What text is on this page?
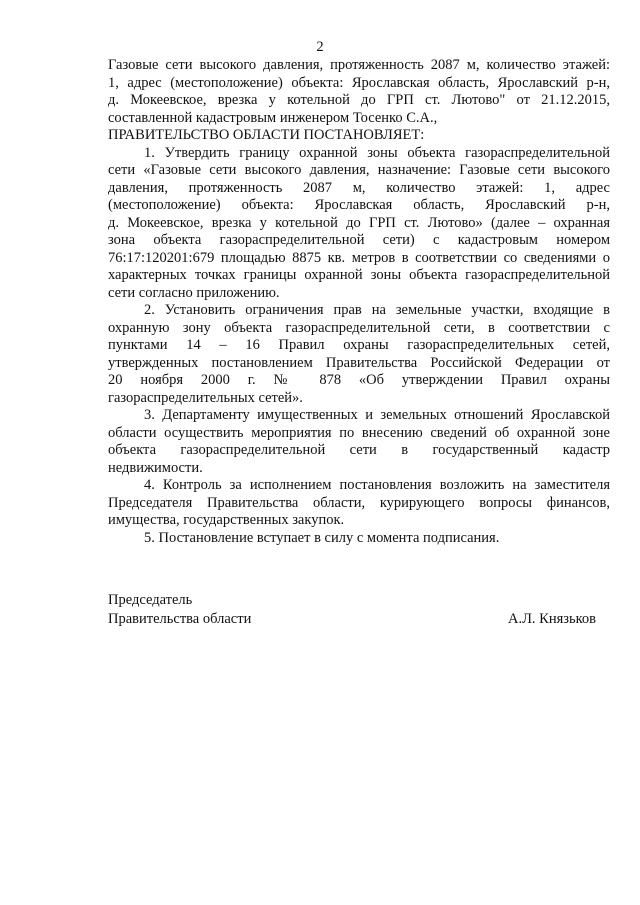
2
Газовые сети высокого давления, протяженность 2087 м, количество этажей:
1, адрес (местоположение) объекта: Ярославская область, Ярославский р-н,
д. Мокеевское, врезка у котельной до ГРП ст. Лютово" от 21.12.2015,
составленной кадастровым инженером Тосенко С.А.,
ПРАВИТЕЛЬСТВО ОБЛАСТИ ПОСТАНОВЛЯЕТ:
1. Утвердить границу охранной зоны объекта газораспределительной
сети «Газовые сети высокого давления, назначение: Газовые сети высокого
давления, протяженность 2087 м, количество этажей: 1, адрес
(местоположение) объекта: Ярославская область, Ярославский р-н,
д. Мокеевское, врезка у котельной до ГРП ст. Лютово» (далее – охранная
зона объекта газораспределительной сети) с кадастровым номером
76:17:120201:679 площадью 8875 кв. метров в соответствии со сведениями о
характерных точках границы охранной зоны объекта газораспределительной
сети согласно приложению.
2. Установить ограничения прав на земельные участки, входящие в
охранную зону объекта газораспределительной сети, в соответствии с
пунктами 14 – 16 Правил охраны газораспределительных сетей,
утвержденных постановлением Правительства Российской Федерации от
20 ноября 2000 г. № 878 «Об утверждении Правил охраны
газораспределительных сетей».
3. Департаменту имущественных и земельных отношений Ярославской
области осуществить мероприятия по внесению сведений об охранной зоне
объекта газораспределительной сети в государственный кадастр
недвижимости.
4. Контроль за исполнением постановления возложить на заместителя
Председателя Правительства области, курирующего вопросы финансов,
имущества, государственных закупок.
5. Постановление вступает в силу с момента подписания.
Председатель
Правительства области	А.Л. Князьков
